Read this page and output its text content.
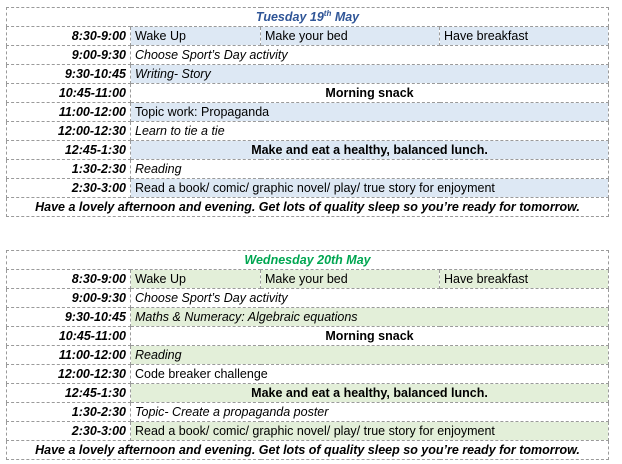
Tuesday 19th May			
8:30-9:00	Wake Up	Make your bed	Have breakfast
9:00-9:30	Choose Sport’s Day activity		
9:30-10:45	Writing- Story		
10:45-11:00	Morning snack		
11:00-12:00	Topic work: Propaganda		
12:00-12:30	Learn to tie a tie		
12:45-1:30	Make and eat a healthy, balanced lunch.		
1:30-2:30	Reading		
2:30-3:00	Read a book/ comic/ graphic novel/ play/ true story for enjoyment		
Have a lovely afternoon and evening. Get lots of quality sleep so you’re ready for tomorrow.			
Wednesday 20th May			
8:30-9:00	Wake Up	Make your bed	Have breakfast
9:00-9:30	Choose Sport’s Day activity		
9:30-10:45	Maths & Numeracy: Algebraic equations		
10:45-11:00	Morning snack		
11:00-12:00	Reading		
12:00-12:30	Code breaker challenge		
12:45-1:30	Make and eat a healthy, balanced lunch.		
1:30-2:30	Topic- Create a propaganda poster		
2:30-3:00	Read a book/ comic/ graphic novel/ play/ true story for enjoyment		
Have a lovely afternoon and evening. Get lots of quality sleep so you’re ready for tomorrow.			
